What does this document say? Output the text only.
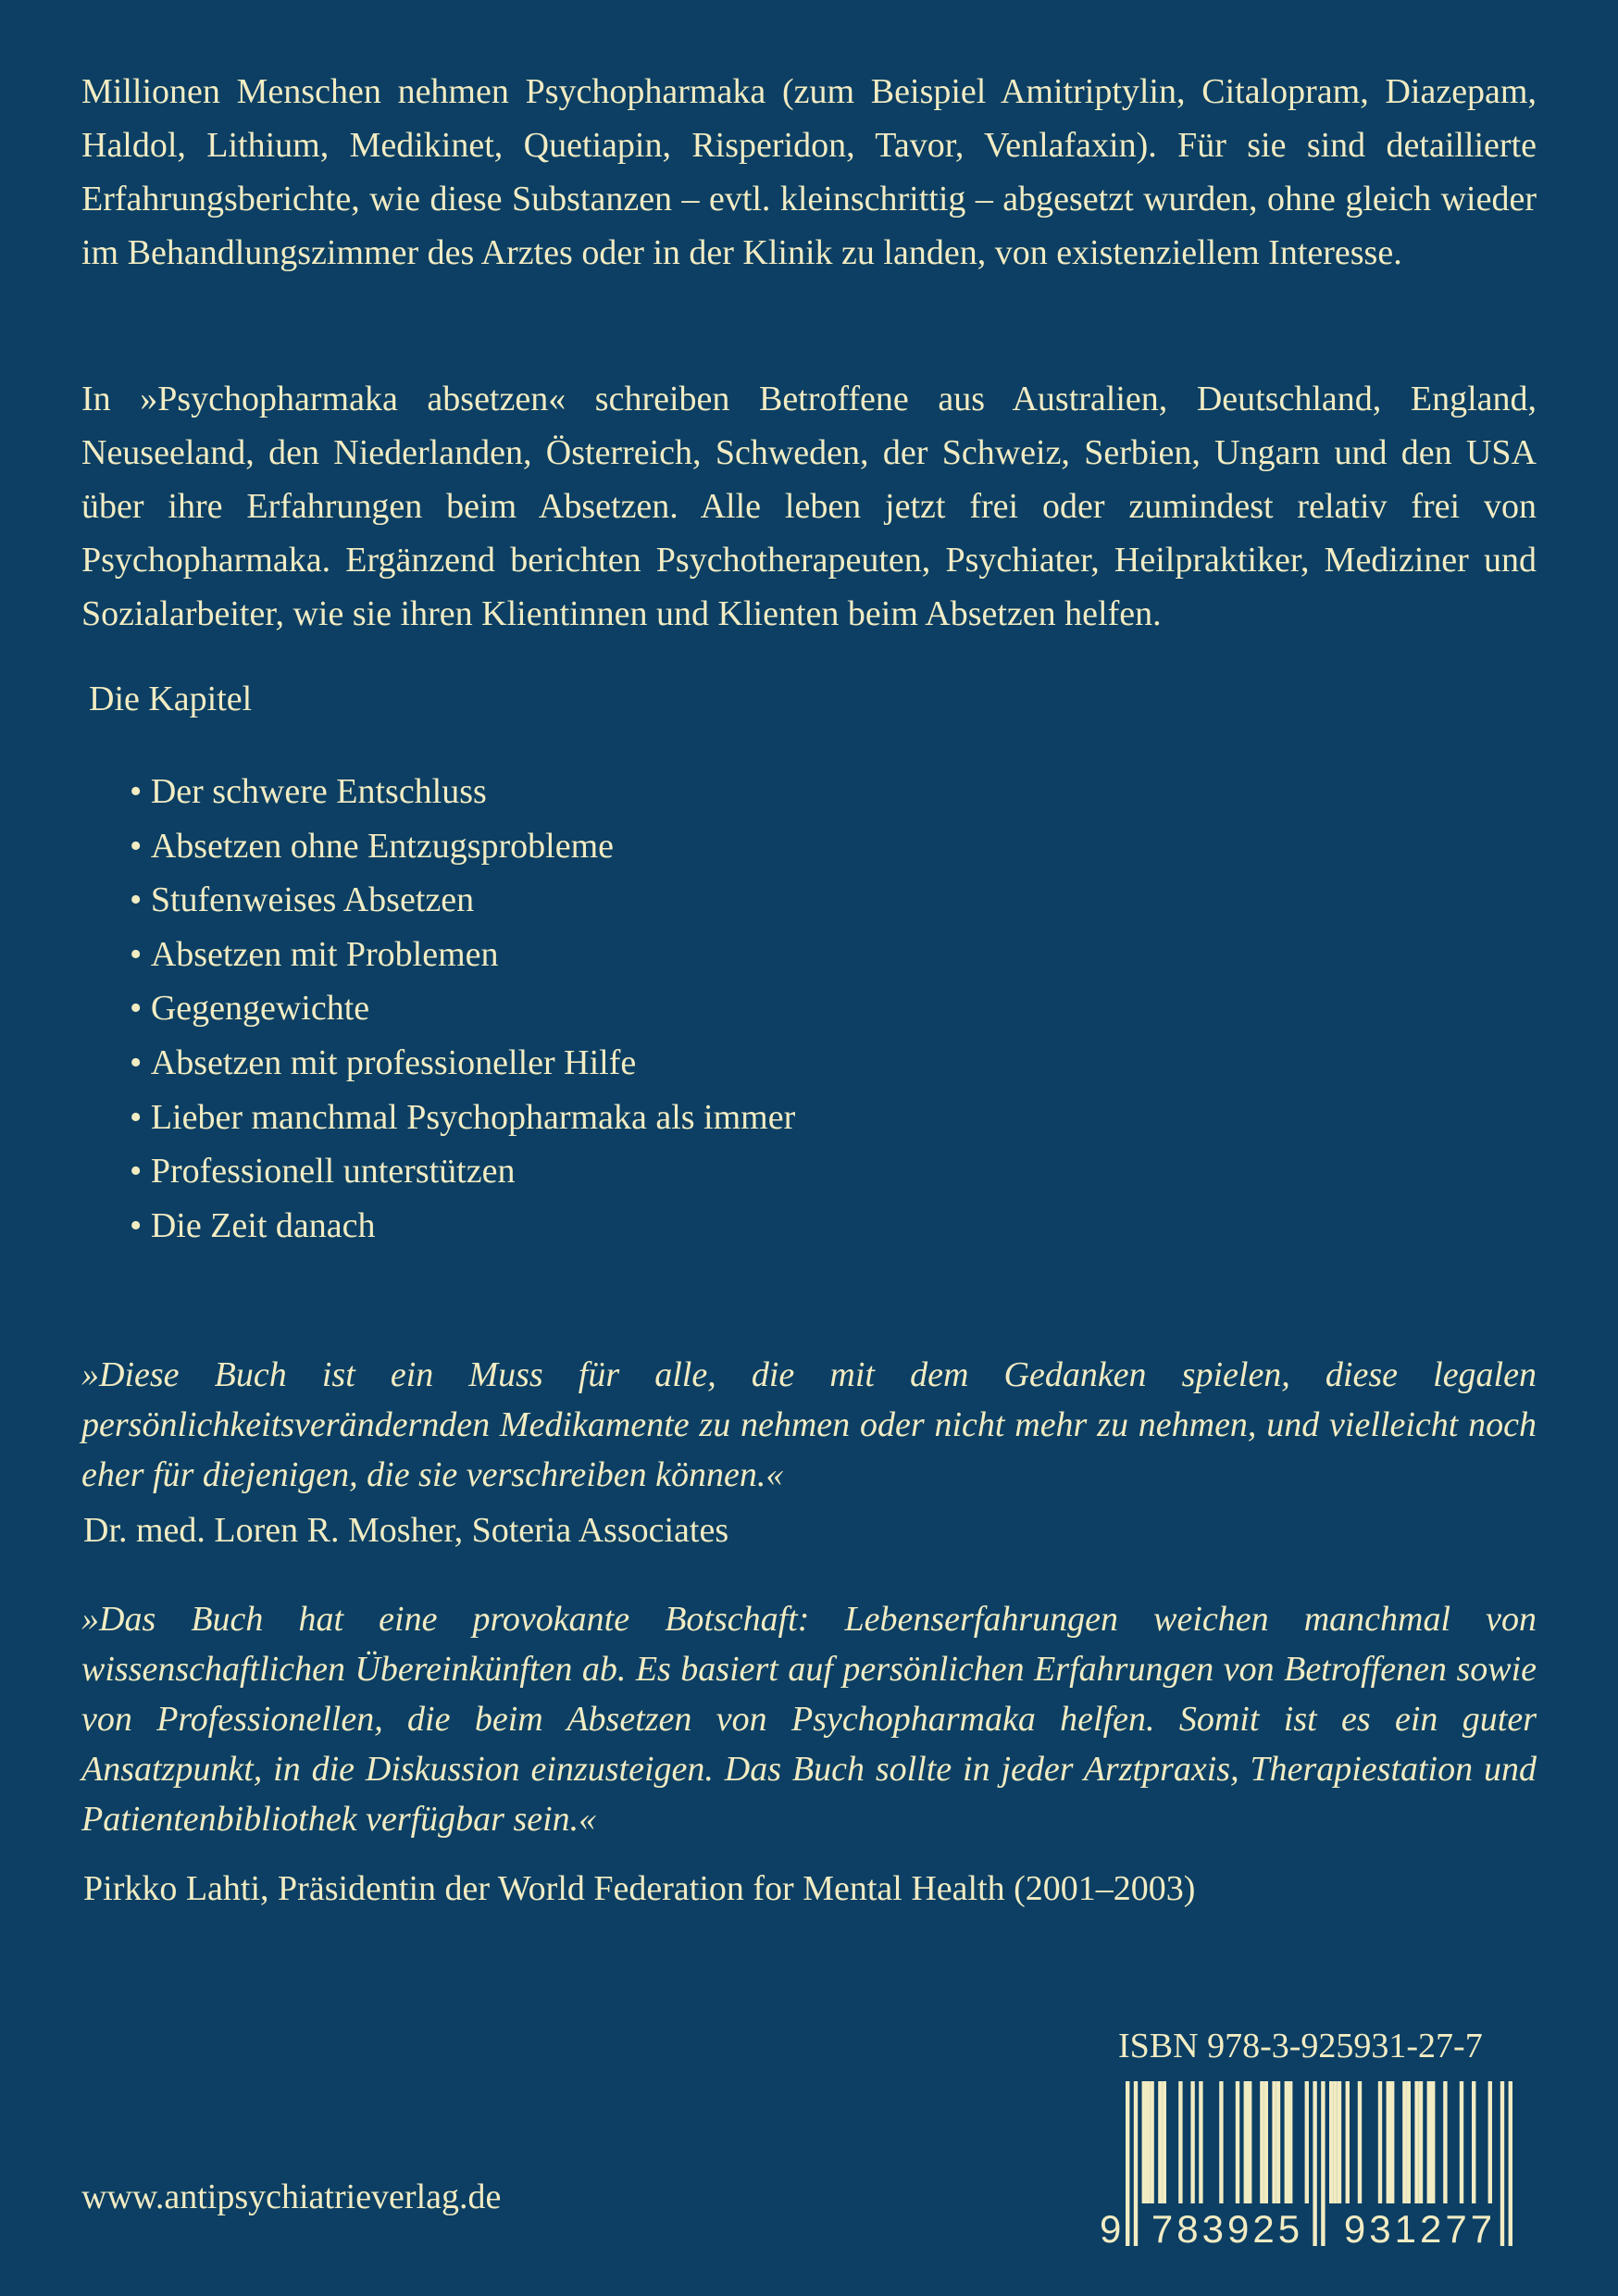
Millionen Menschen nehmen Psychopharmaka (zum Beispiel Amitriptylin, Citalopram, Diazepam, Haldol, Lithium, Medikinet, Quetiapin, Risperidon, Tavor, Venlafaxin). Für sie sind detaillierte Erfahrungsberichte, wie diese Substanzen – evtl. kleinschrittig – abgesetzt wurden, ohne gleich wieder im Behandlungszimmer des Arztes oder in der Klinik zu landen, von existenziellem Interesse.

In »Psychopharmaka absetzen« schreiben Betroffene aus Australien, Deutschland, England, Neuseeland, den Niederlanden, Österreich, Schweden, der Schweiz, Serbien, Ungarn und den USA über ihre Erfahrungen beim Absetzen. Alle leben jetzt frei oder zumindest relativ frei von Psychopharmaka. Ergänzend berichten Psychotherapeuten, Psychiater, Heilpraktiker, Mediziner und Sozialarbeiter, wie sie ihren Klientinnen und Klienten beim Absetzen helfen.

Die Kapitel

• Der schwere Entschluss
• Absetzen ohne Entzugsprobleme
• Stufenweises Absetzen
• Absetzen mit Problemen
• Gegengewichte
• Absetzen mit professioneller Hilfe
• Lieber manchmal Psychopharmaka als immer
• Professionell unterstützen
• Die Zeit danach

»Diese Buch ist ein Muss für alle, die mit dem Gedanken spielen, diese legalen persönlichkeitsverändernden Medikamente zu nehmen oder nicht mehr zu nehmen, und vielleicht noch eher für diejenigen, die sie verschreiben können.«

Dr. med. Loren R. Mosher, Soteria Associates

»Das Buch hat eine provokante Botschaft: Lebenserfahrungen weichen manchmal von wissenschaftlichen Übereinkünften ab. Es basiert auf persönlichen Erfahrungen von Betroffenen sowie von Professionellen, die beim Absetzen von Psychopharmaka helfen. Somit ist es ein guter Ansatzpunkt, in die Diskussion einzusteigen. Das Buch sollte in jeder Arztpraxis, Therapiestation und Patientenbibliothek verfügbar sein.«

Pirkko Lahti, Präsidentin der World Federation for Mental Health (2001–2003)

ISBN 978-3-925931-27-7
9 783925	931277
www.antipsychiatrieverlag.de
